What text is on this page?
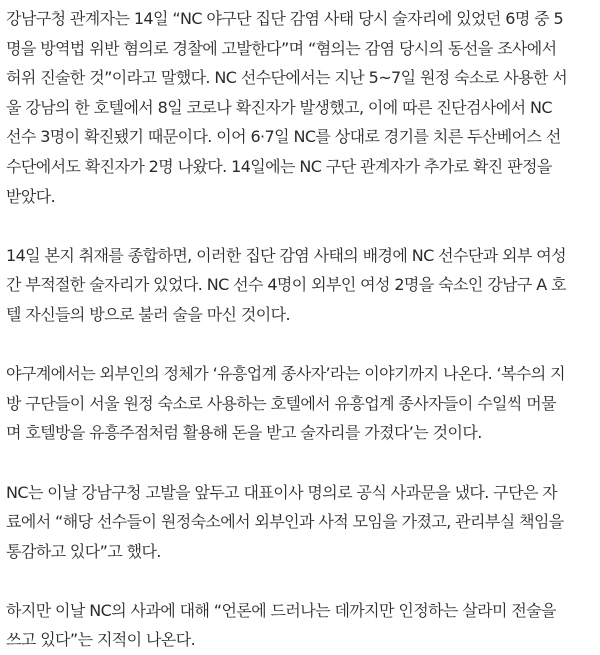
강남구청 관계자는 14일 “NC 야구단 집단 감염 사태 당시 술자리에 있었던 6명 중 5
명을 방역법 위반 혐의로 경찰에 고발한다”며 “혐의는 감염 당시의 동선을 조사에서
허위 진술한 것”이라고 말했다. NC 선수단에서는 지난 5~7일 원정 숙소로 사용한 서
울 강남의 한 호텔에서 8일 코로나 확진자가 발생했고, 이에 따른 진단검사에서 NC
선수 3명이 확진됐기 때문이다. 이어 6·7일 NC를 상대로 경기를 치른 두산베어스 선
수단에서도 확진자가 2명 나왔다. 14일에는 NC 구단 관계자가 추가로 확진 판정을
받았다.
14일 본지 취재를 종합하면, 이러한 집단 감염 사태의 배경에 NC 선수단과 외부 여성
간 부적절한 술자리가 있었다. NC 선수 4명이 외부인 여성 2명을 숙소인 강남구 A 호
텔 자신들의 방으로 불러 술을 마신 것이다.
야구계에서는 외부인의 정체가 ‘유흥업계 종사자’라는 이야기까지 나온다. ‘복수의 지
방 구단들이 서울 원정 숙소로 사용하는 호텔에서 유흥업계 종사자들이 수일씩 머물
며 호텔방을 유흥주점처럼 활용해 돈을 받고 술자리를 가졌다’는 것이다.
NC는 이날 강남구청 고발을 앞두고 대표이사 명의로 공식 사과문을 냈다. 구단은 자
료에서 “해당 선수들이 원정숙소에서 외부인과 사적 모임을 가졌고, 관리부실 책임을
통감하고 있다”고 했다.
하지만 이날 NC의 사과에 대해 “언론에 드러나는 데까지만 인정하는 살라미 전술을
쓰고 있다”는 지적이 나온다.
